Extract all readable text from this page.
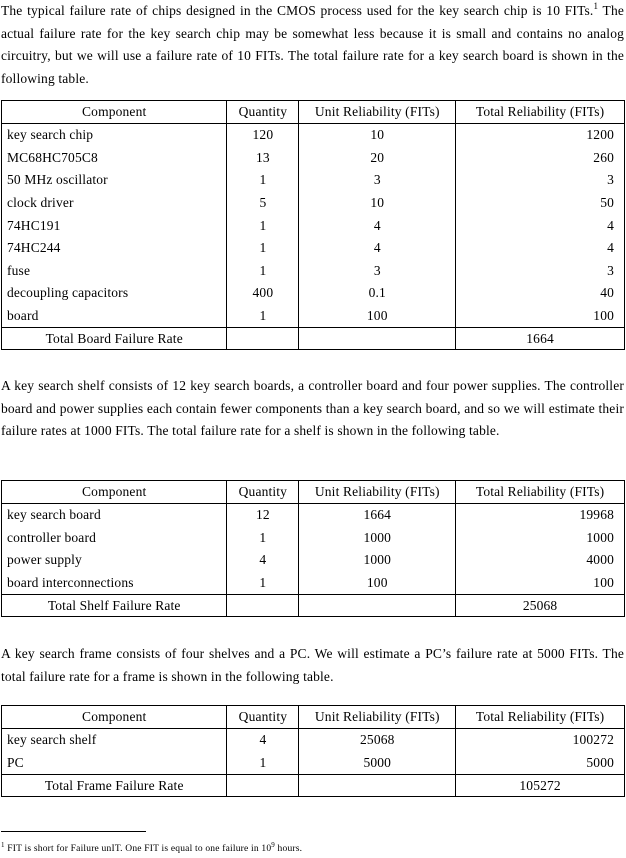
The typical failure rate of chips designed in the CMOS process used for the key search chip is 10 FITs.$^1$ The actual failure rate for the key search chip may be somewhat less because it is small and contains no analog circuitry, but we will use a failure rate of 10 FITs. The total failure rate for a key search board is shown in the following table.
Component	Quantity	Unit Reliability (FITs)	Total Reliability (FITs)
key search chip	120	10	1200
MC68HC705C8	13	20	260
50 MHz oscillator	1	3	3
clock driver	5	10	50
74HC191	1	4	4
74HC244	1	4	4
fuse	1	3	3
decoupling capacitors	400	0.1	40
board	1	100	100
Total Board Failure Rate			1664
A key search shelf consists of 12 key search boards, a controller board and four power supplies. The controller board and power supplies each contain fewer components than a key search board, and so we will estimate their failure rates at 1000 FITs. The total failure rate for a shelf is shown in the following table.
Component	Quantity	Unit Reliability (FITs)	Total Reliability (FITs)
key search board	12	1664	19968
controller board	1	1000	1000
power supply	4	1000	4000
board interconnections	1	100	100
Total Shelf Failure Rate			25068
A key search frame consists of four shelves and a PC. We will estimate a PC’s failure rate at 5000 FITs. The total failure rate for a frame is shown in the following table.
Component	Quantity	Unit Reliability (FITs)	Total Reliability (FITs)
key search shelf	4	25068	100272
PC	1	5000	5000
Total Frame Failure Rate			105272
$^1$ FIT is short for Failure unIT. One FIT is equal to one failure in $10^9$ hours.
